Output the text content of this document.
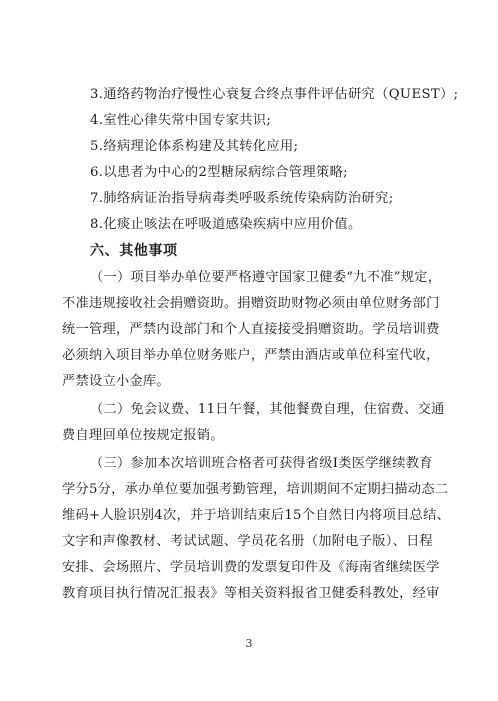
3.通络药物治疗慢性心衰复合终点事件评估研究（QUEST）;
4.室性心律失常中国专家共识;
5.络病理论体系构建及其转化应用;
6.以患者为中心的2型糖尿病综合管理策略;
7.肺络病证治指导病毒类呼吸系统传染病防治研究;
8.化痰止咳法在呼吸道感染疾病中应用价值。
六、其他事项
（一）项目举办单位要严格遵守国家卫健委“九不准”规定，
不准违规接收社会捐赠资助。捐赠资助财物必须由单位财务部门
统一管理，严禁内设部门和个人直接接受捐赠资助。学员培训费
必须纳入项目举办单位财务账户，严禁由酒店或单位科室代收，
严禁设立小金库。
（二）免会议费、11日午餐，其他餐费自理，住宿费、交通
费自理回单位按规定报销。
（三）参加本次培训班合格者可获得省级Ⅰ类医学继续教育
学分5分，承办单位要加强考勤管理，培训期间不定期扫描动态二
维码+人脸识别4次，并于培训结束后15个自然日内将项目总结、
文字和声像教材、考试试题、学员花名册（加附电子版）、日程
安排、会场照片、学员培训费的发票复印件及《海南省继续医学
教育项目执行情况汇报表》等相关资料报省卫健委科教处，经审
3
